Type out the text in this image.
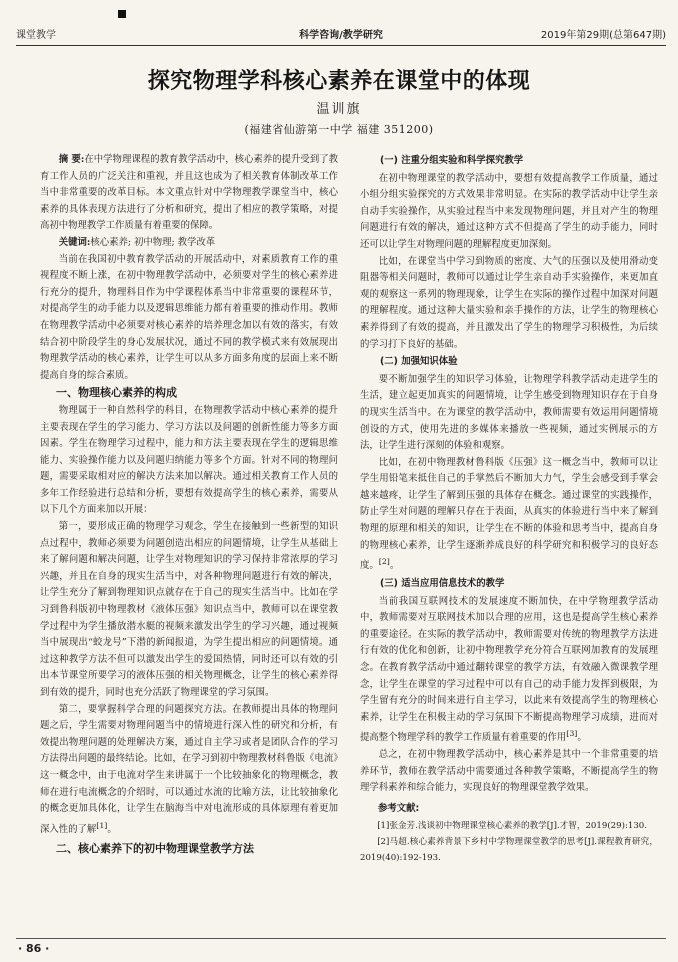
课堂教学	科学咨询/教学研究	2019年第29期(总第647期)
探究物理学科核心素养在课堂中的体现
温训旗
(福建省仙游第一中学 福建 351200)

摘 要:在中学物理课程的教育教学活动中，核心素养的提升受到了教育工作人员的广泛关注和重视，并且这也成为了相关教育体制改革工作当中非常重要的改革目标。本文重点针对中学物理教学课堂当中，核心素养的具体表现方法进行了分析和研究，提出了相应的教学策略，对提高初中物理教学工作质量有着重要的保障。

关键词:核心素养; 初中物理; 教学改革

当前在我国初中教育教学活动的开展活动中，对素质教育工作的重视程度不断上涨，在初中物理教学活动中，必须要对学生的核心素养进行充分的提升，物理科目作为中学课程体系当中非常重要的课程环节，对提高学生的动手能力以及逻辑思维能力都有着重要的推动作用。教师在物理教学活动中必须要对核心素养的培养理念加以有效的落实，有效结合初中阶段学生的身心发展状况，通过不同的教学模式来有效展现出物理教学活动的核心素养，让学生可以从多方面多角度的层面上来不断提高自身的综合素质。

一、物理核心素养的构成

物理属于一种自然科学的科目，在物理教学活动中核心素养的提升主要表现在学生的学习能力、学习方法以及问题的创新性能力等多方面因素。学生在物理学习过程中，能力和方法主要表现在学生的逻辑思维能力、实验操作能力以及问题归纳能力等多个方面。针对不同的物理问题，需要采取相对应的解决方法来加以解决。通过相关教育工作人员的多年工作经验进行总结和分析，要想有效提高学生的核心素养，需要从以下几个方面来加以开展：

第一，要形成正确的物理学习观念，学生在接触到一些新型的知识点过程中，教师必须要为问题创造出相应的问题情境，让学生从基础上来了解问题和解决问题，让学生对物理知识的学习保持非常浓厚的学习兴趣，并且在自身的现实生活当中，对各种物理问题进行有效的解决，让学生充分了解到物理知识点就存在于自己的现实生活当中。比如在学习到鲁科版初中物理教材《液体压强》知识点当中，教师可以在课堂教学过程中为学生播放潜水艇的视频来激发出学生的学习兴趣，通过视频当中展现出“蛟龙号”下潜的新闻报道，为学生提出相应的问题情境。通过这种教学方法不但可以激发出学生的爱国热情，同时还可以有效的引出本节课堂所要学习的液体压强的相关物理概念，让学生的核心素养得到有效的提升，同时也充分活跃了物理课堂的学习氛围。

第二，要掌握科学合理的问题探究方法。在教师提出具体的物理问题之后，学生需要对物理问题当中的情境进行深入性的研究和分析，有效提出物理问题的处理解决方案，通过自主学习或者是团队合作的学习方法得出问题的最终结论。比如，在学习到初中物理教材科鲁版《电流》这一概念中，由于电流对学生来讲属于一个比较抽象化的物理概念，教师在进行电流概念的介绍时，可以通过水流的比喻方法，让比较抽象化的概念更加具体化，让学生在脑海当中对电流形成的具体原理有着更加深入性的了解[1]。

二、核心素养下的初中物理课堂教学方法
(一) 注重分组实验和科学探究教学

在初中物理课堂的教学活动中，要想有效提高教学工作质量，通过小组分组实验探究的方式效果非常明显。在实际的教学活动中让学生亲自动手实验操作，从实验过程当中来发现物理问题，并且对产生的物理问题进行有效的解决，通过这种方式不但提高了学生的动手能力，同时还可以让学生对物理问题的理解程度更加深刻。

比如，在课堂当中学习到物质的密度、大气的压强以及使用滑动变阻器等相关问题时，教师可以通过让学生亲自动手实验操作，来更加直观的观察这一系列的物理现象，让学生在实际的操作过程中加深对问题的理解程度。通过这种大量实验和亲手操作的方法，让学生的物理核心素养得到了有效的提高，并且激发出了学生的物理学习积极性，为后续的学习打下良好的基础。

(二) 加强知识体验

要不断加强学生的知识学习体验，让物理学科教学活动走进学生的生活，建立起更加真实的问题情境，让学生感受到物理知识存在于自身的现实生活当中。在为课堂的教学活动中，教师需要有效运用问题情境创设的方式，使用先进的多媒体来播放一些视频，通过实例展示的方法，让学生进行深刻的体验和观察。

比如，在初中物理教材鲁科版《压强》这一概念当中，教师可以让学生用铅笔来抵住自己的手掌然后不断加大力气，学生会感受到手掌会越来越疼，让学生了解到压强的具体存在概念。通过课堂的实践操作，防止学生对问题的理解只存在于表面，从真实的体验进行当中来了解到物理的原理和相关的知识，让学生在不断的体验和思考当中，提高自身的物理核心素养，让学生逐渐养成良好的科学研究和积极学习的良好态度。[2]。

(三) 适当应用信息技术的教学

当前我国互联网技术的发展速度不断加快，在中学物理教学活动中，教师需要对互联网技术加以合理的应用，这也是提高学生核心素养的重要途径。在实际的教学活动中，教师需要对传统的物理教学方法进行有效的优化和创新，让初中物理教学充分符合互联网加教育的发展理念。在教育教学活动中通过翻转课堂的教学方法，有效融入微课教学理念，让学生在课堂的学习过程中可以有自己的动手能力发挥到极限，为学生留有充分的时间来进行自主学习，以此来有效提高学生的物理核心素养，让学生在积极主动的学习氛围下不断提高物理学习成绩，进而对提高整个物理学科的教学工作质量有着重要的作用[3]。

总之，在初中物理教学活动中，核心素养是其中一个非常重要的培养环节，教师在教学活动中需要通过各种教学策略，不断提高学生的物理学科素养和综合能力，实现良好的物理课堂教学效果。

参考文献:

[1]张金芳.浅谈初中物理课堂核心素养的教学[J].才智，2019(29):130.

[2]马超.核心素养背景下乡村中学物理课堂教学的思考[J].课程教育研究，2019(40):192-193.

· 86 ·
